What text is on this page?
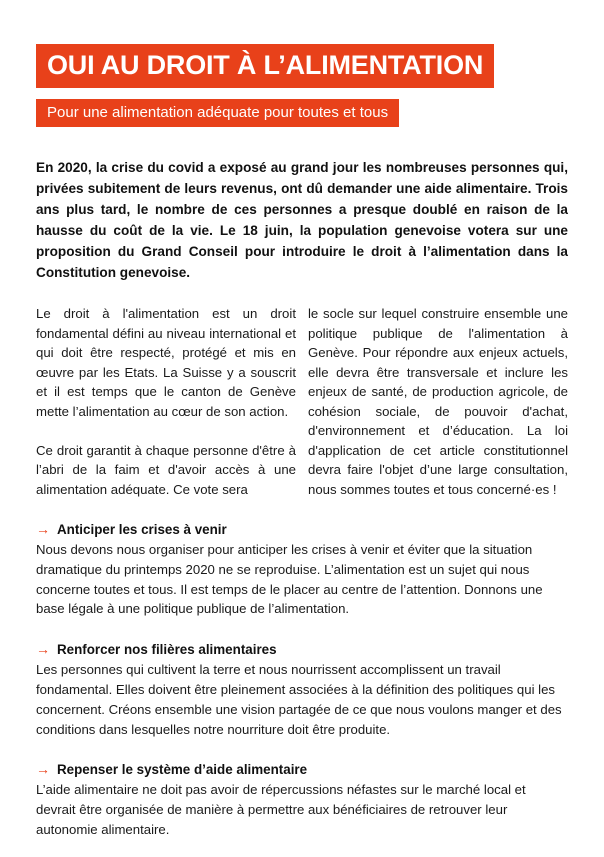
OUI AU DROIT À L’ALIMENTATION
Pour une alimentation adéquate pour toutes et tous
En 2020, la crise du covid a exposé au grand jour les nombreuses personnes qui, privées subitement de leurs revenus, ont dû demander une aide alimentaire. Trois ans plus tard, le nombre de ces personnes a presque doublé en raison de la hausse du coût de la vie. Le 18 juin, la population genevoise votera sur une proposition du Grand Conseil pour introduire le droit à l’alimentation dans la Constitution genevoise.

Le droit à l'alimentation est un droit fondamental défini au niveau international et qui doit être respecté, protégé et mis en œuvre par les Etats. La Suisse y a souscrit et il est temps que le canton de Genève mette l’alimentation au cœur de son action.

Ce droit garantit à chaque personne d'être à l’abri de la faim et d'avoir accès à une alimentation adéquate. Ce vote sera

le socle sur lequel construire ensemble une politique publique de l'alimentation à Genève. Pour répondre aux enjeux actuels, elle devra être transversale et inclure les enjeux de santé, de production agricole, de cohésion sociale, de pouvoir d'achat, d'environnement et d’éducation. La loi d'application de cet article constitutionnel devra faire l'objet d’une large consultation, nous sommes toutes et tous concerné·es !

→ Anticiper les crises à venir
Nous devons nous organiser pour anticiper les crises à venir et éviter que la situation dramatique du printemps 2020 ne se reproduise. L’alimentation est un sujet qui nous concerne toutes et tous. Il est temps de le placer au centre de l’attention. Donnons une base légale à une politique publique de l’alimentation.
→ Renforcer nos filières alimentaires
Les personnes qui cultivent la terre et nous nourrissent accomplissent un travail fondamental. Elles doivent être pleinement associées à la définition des politiques qui les concernent. Créons ensemble une vision partagée de ce que nous voulons manger et des conditions dans lesquelles notre nourriture doit être produite.
→ Repenser le système d’aide alimentaire
L’aide alimentaire ne doit pas avoir de répercussions néfastes sur le marché local et devrait être organisée de manière à permettre aux bénéficiaires de retrouver leur autonomie alimentaire.
